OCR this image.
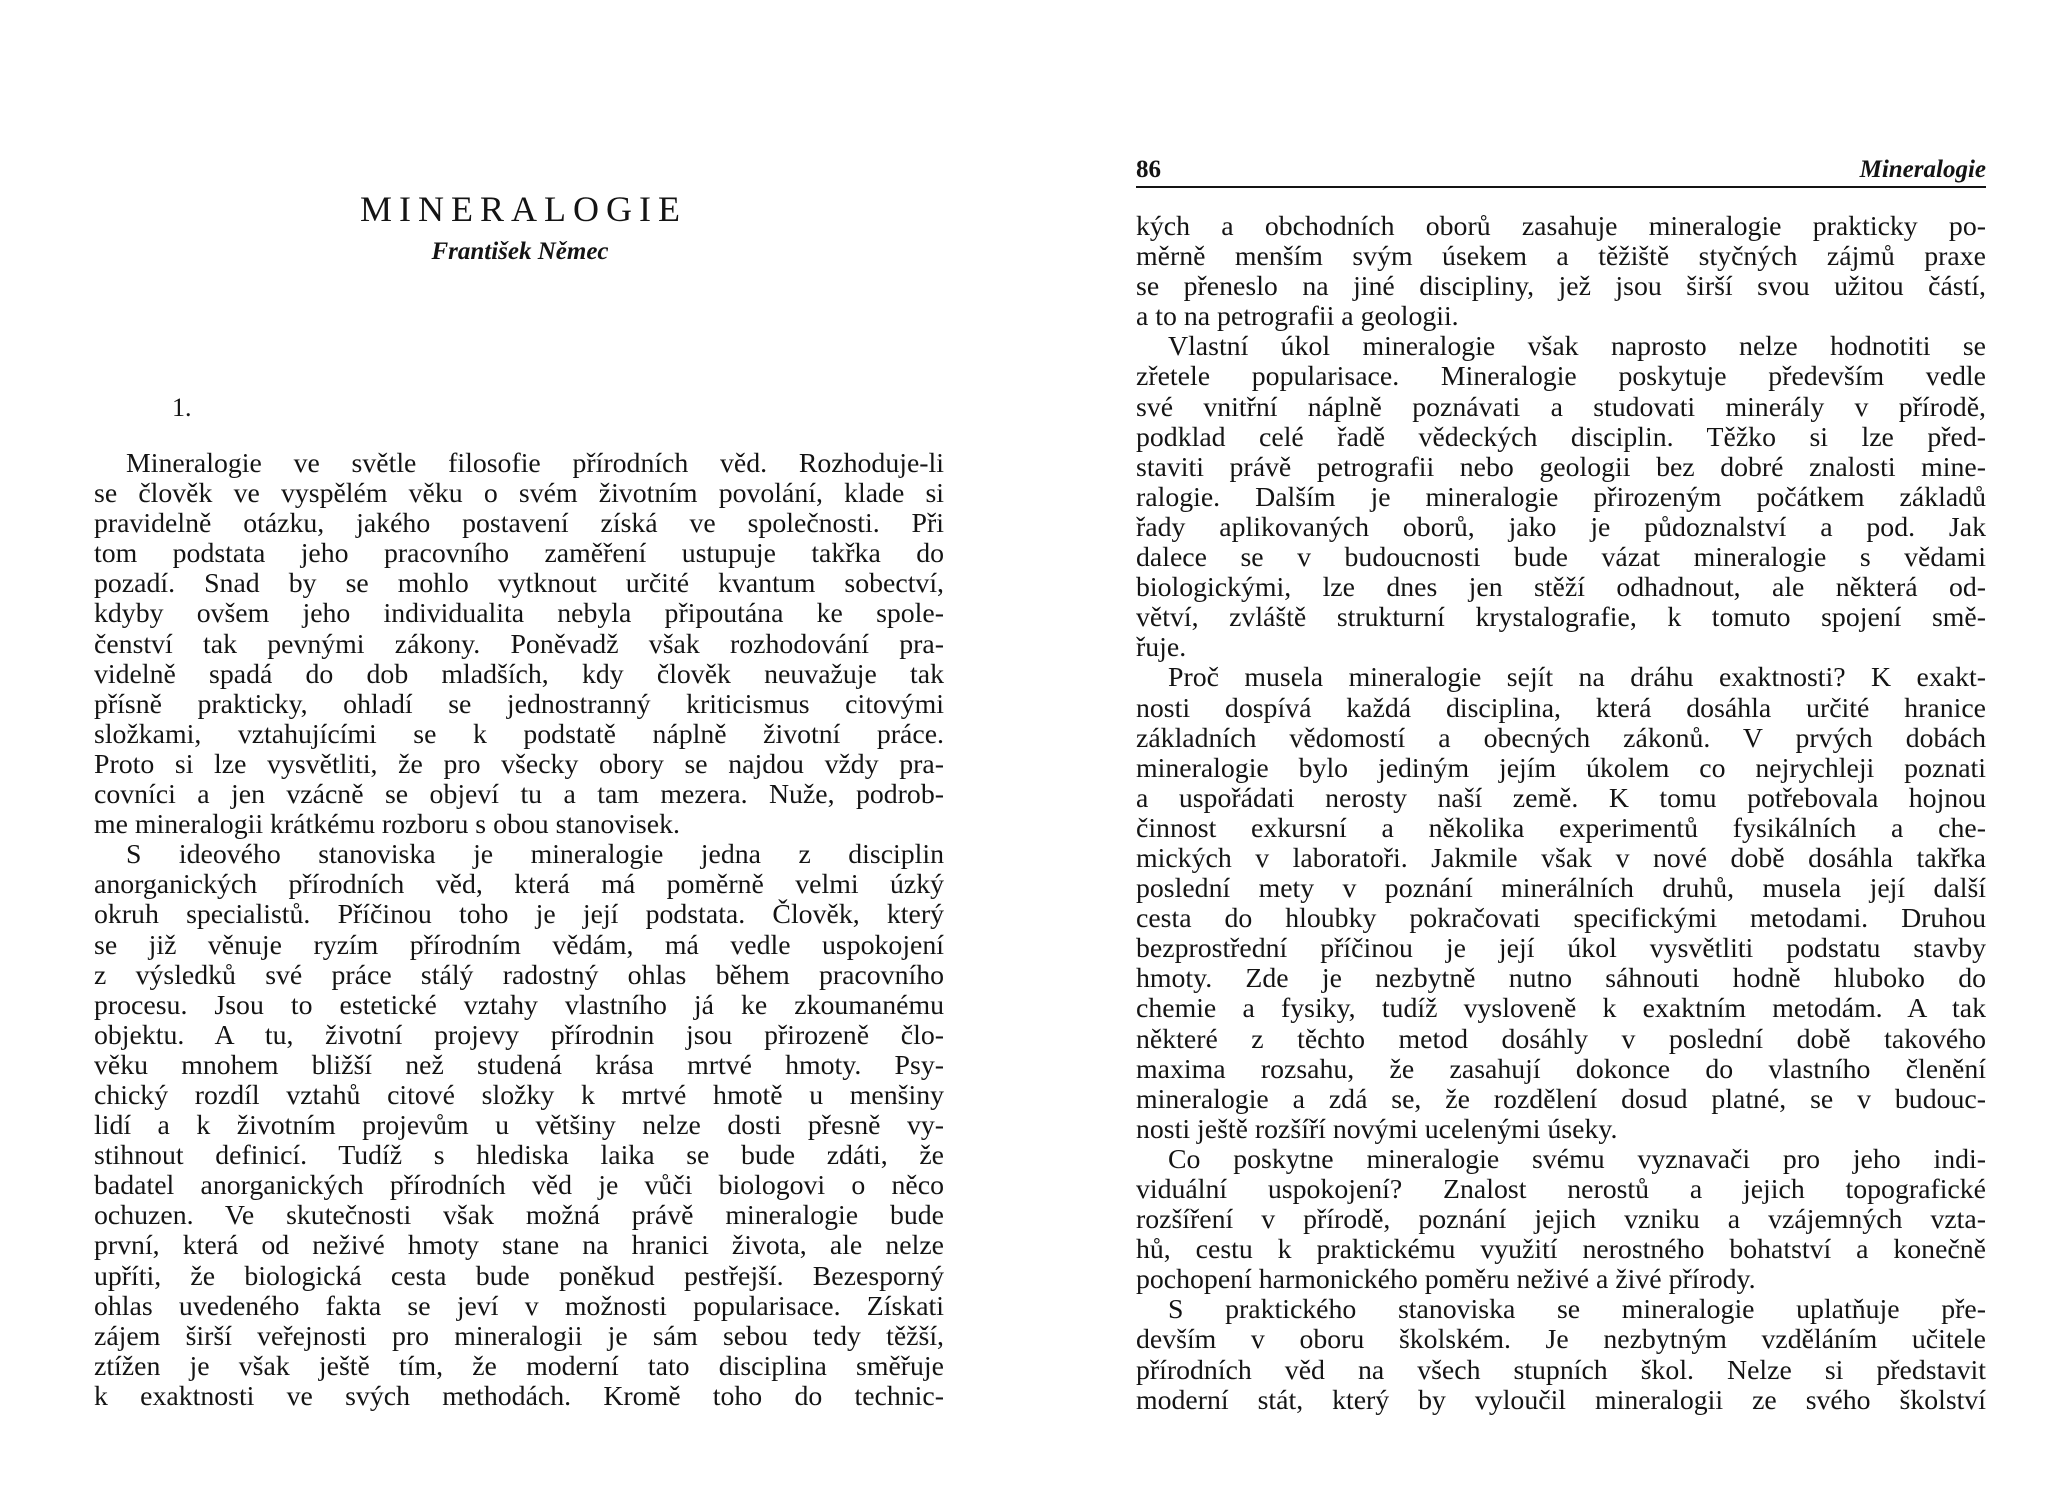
MINERALOGIE
František Němec
1.
Mineralogie ve světle filosofie přírodních věd. Rozhoduje-li
se člověk ve vyspělém věku o svém životním povolání, klade si
pravidelně otázku, jakého postavení získá ve společnosti. Při
tom podstata jeho pracovního zaměření ustupuje takřka do
pozadí. Snad by se mohlo vytknout určité kvantum sobectví,
kdyby ovšem jeho individualita nebyla připoutána ke spole-
čenství tak pevnými zákony. Poněvadž však rozhodování pra-
videlně spadá do dob mladších, kdy člověk neuvažuje tak
přísně prakticky, ohladí se jednostranný kriticismus citovými
složkami, vztahujícími se k podstatě náplně životní práce.
Proto si lze vysvětliti, že pro všecky obory se najdou vždy pra-
covníci a jen vzácně se objeví tu a tam mezera. Nuže, podrob-
me mineralogii krátkému rozboru s obou stanovisek.
S ideového stanoviska je mineralogie jedna z disciplin
anorganických přírodních věd, která má poměrně velmi úzký
okruh specialistů. Příčinou toho je její podstata. Člověk, který
se již věnuje ryzím přírodním vědám, má vedle uspokojení
z výsledků své práce stálý radostný ohlas během pracovního
procesu. Jsou to estetické vztahy vlastního já ke zkoumanému
objektu. A tu, životní projevy přírodnin jsou přirozeně člo-
věku mnohem bližší než studená krása mrtvé hmoty. Psy-
chický rozdíl vztahů citové složky k mrtvé hmotě u menšiny
lidí a k životním projevům u většiny nelze dosti přesně vy-
stihnout definicí. Tudíž s hlediska laika se bude zdáti, že
badatel anorganických přírodních věd je vůči biologovi o něco
ochuzen. Ve skutečnosti však možná právě mineralogie bude
první, která od neživé hmoty stane na hranici života, ale nelze
upříti, že biologická cesta bude poněkud pestřejší. Bezesporný
ohlas uvedeného fakta se jeví v možnosti popularisace. Získati
zájem širší veřejnosti pro mineralogii je sám sebou tedy těžší,
ztížen je však ještě tím, že moderní tato disciplina směřuje
k exaktnosti ve svých methodách. Kromě toho do technic-
86	Mineralogie
kých a obchodních oborů zasahuje mineralogie prakticky po-
měrně menším svým úsekem a těžiště styčných zájmů praxe
se přeneslo na jiné discipliny, jež jsou širší svou užitou částí,
a to na petrografii a geologii.
Vlastní úkol mineralogie však naprosto nelze hodnotiti se
zřetele popularisace. Mineralogie poskytuje především vedle
své vnitřní náplně poznávati a studovati minerály v přírodě,
podklad celé řadě vědeckých disciplin. Těžko si lze před-
staviti právě petrografii nebo geologii bez dobré znalosti mine-
ralogie. Dalším je mineralogie přirozeným počátkem základů
řady aplikovaných oborů, jako je půdoznalství a pod. Jak
dalece se v budoucnosti bude vázat mineralogie s vědami
biologickými, lze dnes jen stěží odhadnout, ale některá od-
větví, zvláště strukturní krystalografie, k tomuto spojení smě-
řuje.
Proč musela mineralogie sejít na dráhu exaktnosti? K exakt-
nosti dospívá každá disciplina, která dosáhla určité hranice
základních vědomostí a obecných zákonů. V prvých dobách
mineralogie bylo jediným jejím úkolem co nejrychleji poznati
a uspořádati nerosty naší země. K tomu potřebovala hojnou
činnost exkursní a několika experimentů fysikálních a che-
mických v laboratoři. Jakmile však v nové době dosáhla takřka
poslední mety v poznání minerálních druhů, musela její další
cesta do hloubky pokračovati specifickými metodami. Druhou
bezprostřední příčinou je její úkol vysvětliti podstatu stavby
hmoty. Zde je nezbytně nutno sáhnouti hodně hluboko do
chemie a fysiky, tudíž vysloveně k exaktním metodám. A tak
některé z těchto metod dosáhly v poslední době takového
maxima rozsahu, že zasahují dokonce do vlastního členění
mineralogie a zdá se, že rozdělení dosud platné, se v budouc-
nosti ještě rozšíří novými ucelenými úseky.
Co poskytne mineralogie svému vyznavači pro jeho indi-
viduální uspokojení? Znalost nerostů a jejich topografické
rozšíření v přírodě, poznání jejich vzniku a vzájemných vzta-
hů, cestu k praktickému využití nerostného bohatství a konečně
pochopení harmonického poměru neživé a živé přírody.
S praktického stanoviska se mineralogie uplatňuje pře-
devším v oboru školském. Je nezbytným vzděláním učitele
přírodních věd na všech stupních škol. Nelze si představit
moderní stát, který by vyloučil mineralogii ze svého školství
